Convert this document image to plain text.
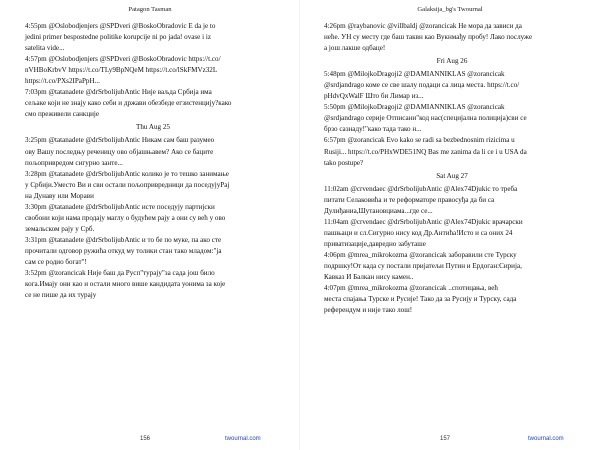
Patagon Tasman

4:55pm @Oslobodjenjers @SPDveri @BoskoObradovic E da je to

jedini primer bespostedne politike korupcije ni po jada! ovase i iz

satelita vide...

4:57pm @Oslobodjenjers @SPDveri @BoskoObradovic https://t.co/

nVHBoKrbvV https://t.co/TLy9BpNQeM https://t.co/lSkFMVz32L

https://t.co/PXs2IPaPpH...

7:03pm @tatanadete @drSrbolijubAntic Није ваљда Србија има

сељаке који не знају како себи и држави обезбеде егзистенцију?како

смо преживели санкције

Thu Aug 25

3:25pm @tatanadete @drSrbolijubAntic Никам сам баш разумео

ову Вашу последњу реченицу ово објашњавем? Ако се баците

пољопривредом сигурно занте...

3:28pm @tatanadete @drSrbolijubAntic колико је то тешко занимање

у Србији.Уместо Ви и сви остали пољопривредници да поседујуРај

на Дунаву или Морави

3:30pm @tatanadete @drSrbolijubAntic исте поседују партијски

свобони који нама продају маглу о будућем рају а они су већ у ово

земальском рају у Срб.

3:31pm @tatanadete @drSrbolijubAntic и тo бе по муке, па ако сте

прочитали одговор ружића откуд му толики стан тако младом:"ја

сам се родио богат"!

3:52pm @zorancicak Није баш да Русп"турају"за сада још било

кога.Имају они као и остали много више кандидата уонима за које

се не пише да их турају

156	twournal.com
Galaksija_bg's Twournal

4:26pm @raybanovic @villbaldj @zorancicak Не мора да зависи да

неће. УН су месту где баш таквн као Вукнмађу пробу! Лако послуже

а још лакше одбаце!

Fri Aug 26

5:48pm @MilojkoDragoji2 @DAMIANNIKLAS @zorancicak

@srdjandrago коме се све шалу подаци са лица места. https://t.co/

pHdvQxWalF Што би Лимар из...

5:50pm @MilojkoDragoji2 @DAMIANNIKLAS @zorancicak

@srdjandrago серије Отписани"код нас(специјална полиција)сви се

брзо сазнаду!"како тада тако н...

6:57pm @zorancicak Evo kako se radi sa bezbednosnim rizicima u

Rusiji... https://t.co/PHxWDE51NQ Bas me zanima da li ce i u USA da

tako postupe?

Sat Aug 27

11:02am @crvendaec @drSrbolijubAntic @Alex74Djukic то треба

питати Селаковића и те реформаторе правосуђа да би са

Дулиђаниа,Шутановциама...где се...

11:04am @crvendaec @drSrbolijubAntic @Alex74Djukic врачарски

пашњаци и сл.Сигурно нису код Др.Антића!Исто и са оних 24

приватизације,давредно забуташе

4:06pm @mrea_mikrokozma @zorancicak заборавили сте Турску

подршку!От када су постали пријатељи Путин и Ердоган:Сирија,

Кавказ И Балкан нису камен..

4:07pm @mrea_mikrokozma @zorancicak ..спотицања, већ

места спајања Турске и Русије! Тако да за Русију и Турску, сада

референдум и није тако лош!

157	twournal.com
